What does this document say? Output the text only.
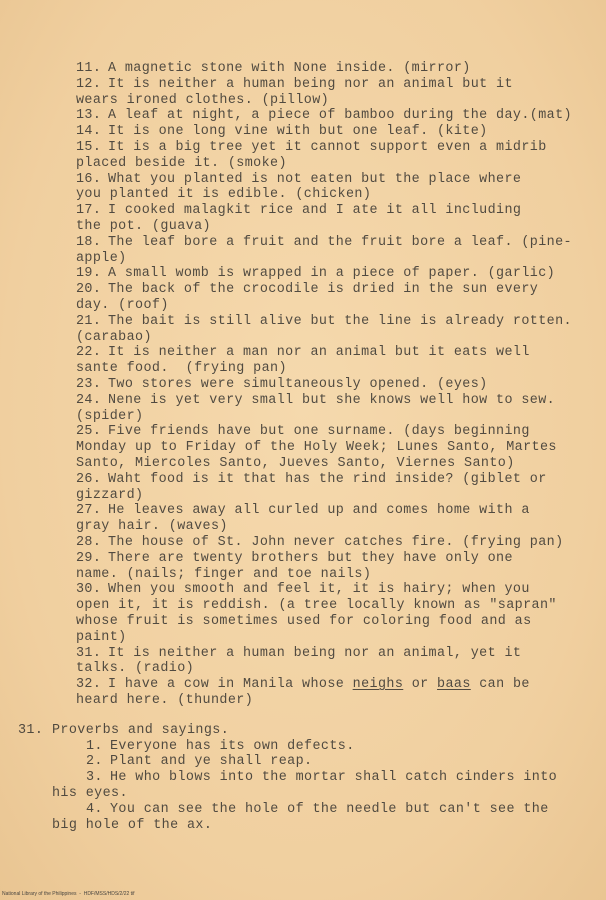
11. A magnetic stone with None inside. (mirror)
12. It is neither a human being nor an animal but it
wears ironed clothes. (pillow)
13. A leaf at night, a piece of bamboo during the day.(mat)
14. It is one long vine with but one leaf. (kite)
15. It is a big tree yet it cannot support even a midrib
placed beside it. (smoke)
16. What you planted is not eaten but the place where
you planted it is edible. (chicken)
17. I cooked malagkit rice and I ate it all including
the pot. (guava)
18. The leaf bore a fruit and the fruit bore a leaf. (pine-
apple)
19. A small womb is wrapped in a piece of paper. (garlic)
20. The back of the crocodile is dried in the sun every
day. (roof)
21. The bait is still alive but the line is already rotten.
(carabao)
22. It is neither a man nor an animal but it eats well
sante food.  (frying pan)
23. Two stores were simultaneously opened. (eyes)
24. Nene is yet very small but she knows well how to sew.
(spider)
25. Five friends have but one surname. (days beginning
Monday up to Friday of the Holy Week; Lunes Santo, Martes
Santo, Miercoles Santo, Jueves Santo, Viernes Santo)
26. Waht food is it that has the rind inside? (giblet or
gizzard)
27. He leaves away all curled up and comes home with a
gray hair. (waves)
28. The house of St. John never catches fire. (frying pan)
29. There are twenty brothers but they have only one
name. (nails; finger and toe nails)
30. When you smooth and feel it, it is hairy; when you
open it, it is reddish. (a tree locally known as "sapran"
whose fruit is sometimes used for coloring food and as
paint)
31. It is neither a human being nor an animal, yet it
talks. (radio)
32. I have a cow in Manila whose neighs or baas can be
heard here. (thunder)
31. Proverbs and sayings.
1. Everyone has its own defects.
2. Plant and ye shall reap.
3. He who blows into the mortar shall catch cinders into
his eyes.
4. You can see the hole of the needle but can't see the
big hole of the ax.
National Library of the Philippines  -  HDF/MSS/HDS/2/22 tif
